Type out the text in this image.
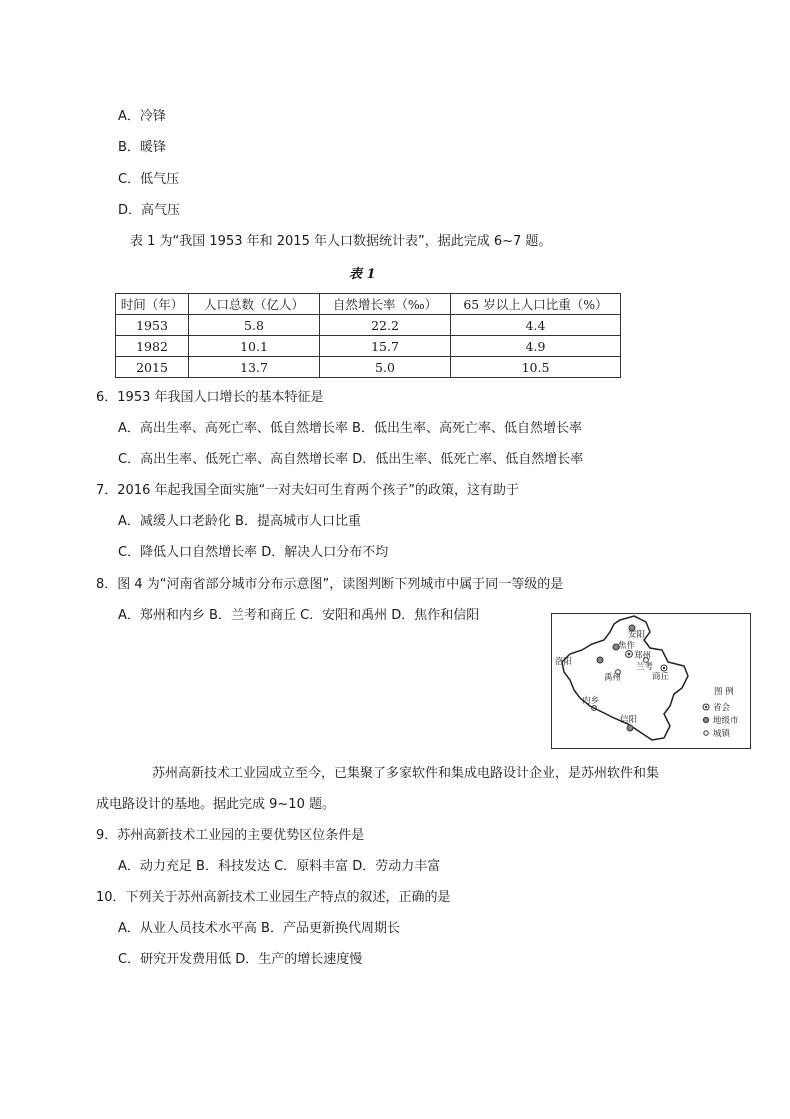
A．冷锋
B．暖锋
C．低气压
D．高气压
表 1 为“我国 1953 年和 2015 年人口数据统计表”，据此完成 6~7 题。
表 1
时间（年）	人口总数（亿人）	自然增长率（‰）	65 岁以上人口比重（%）
1953	5.8	22.2	4.4
1982	10.1	15.7	4.9
2015	13.7	5.0	10.5
6．1953 年我国人口增长的基本特征是
A．高出生率、高死亡率、低自然增长率 B．低出生率、高死亡率、低自然增长率
C．高出生率、低死亡率、高自然增长率 D．低出生率、低死亡率、低自然增长率
7．2016 年起我国全面实施“一对夫妇可生育两个孩子”的政策，这有助于
A．减缓人口老龄化 B．提高城市人口比重
C．降低人口自然增长率 D．解决人口分布不均
8．图 4 为“河南省部分城市分布示意图”，读图判断下列城市中属于同一等级的是
A．郑州和内乡 B．兰考和商丘 C．安阳和禹州 D．焦作和信阳
安阳
焦作
郑州
兰考
洛阳
商丘
禹州
内乡
信阳
图 例
省会
地级市
城镇
苏州高新技术工业园成立至今，已集聚了多家软件和集成电路设计企业，是苏州软件和集
成电路设计的基地。据此完成 9~10 题。
9．苏州高新技术工业园的主要优势区位条件是
A．动力充足 B．科技发达 C．原料丰富 D．劳动力丰富
10．下列关于苏州高新技术工业园生产特点的叙述，正确的是
A．从业人员技术水平高 B．产品更新换代周期长
C．研究开发费用低 D．生产的增长速度慢
